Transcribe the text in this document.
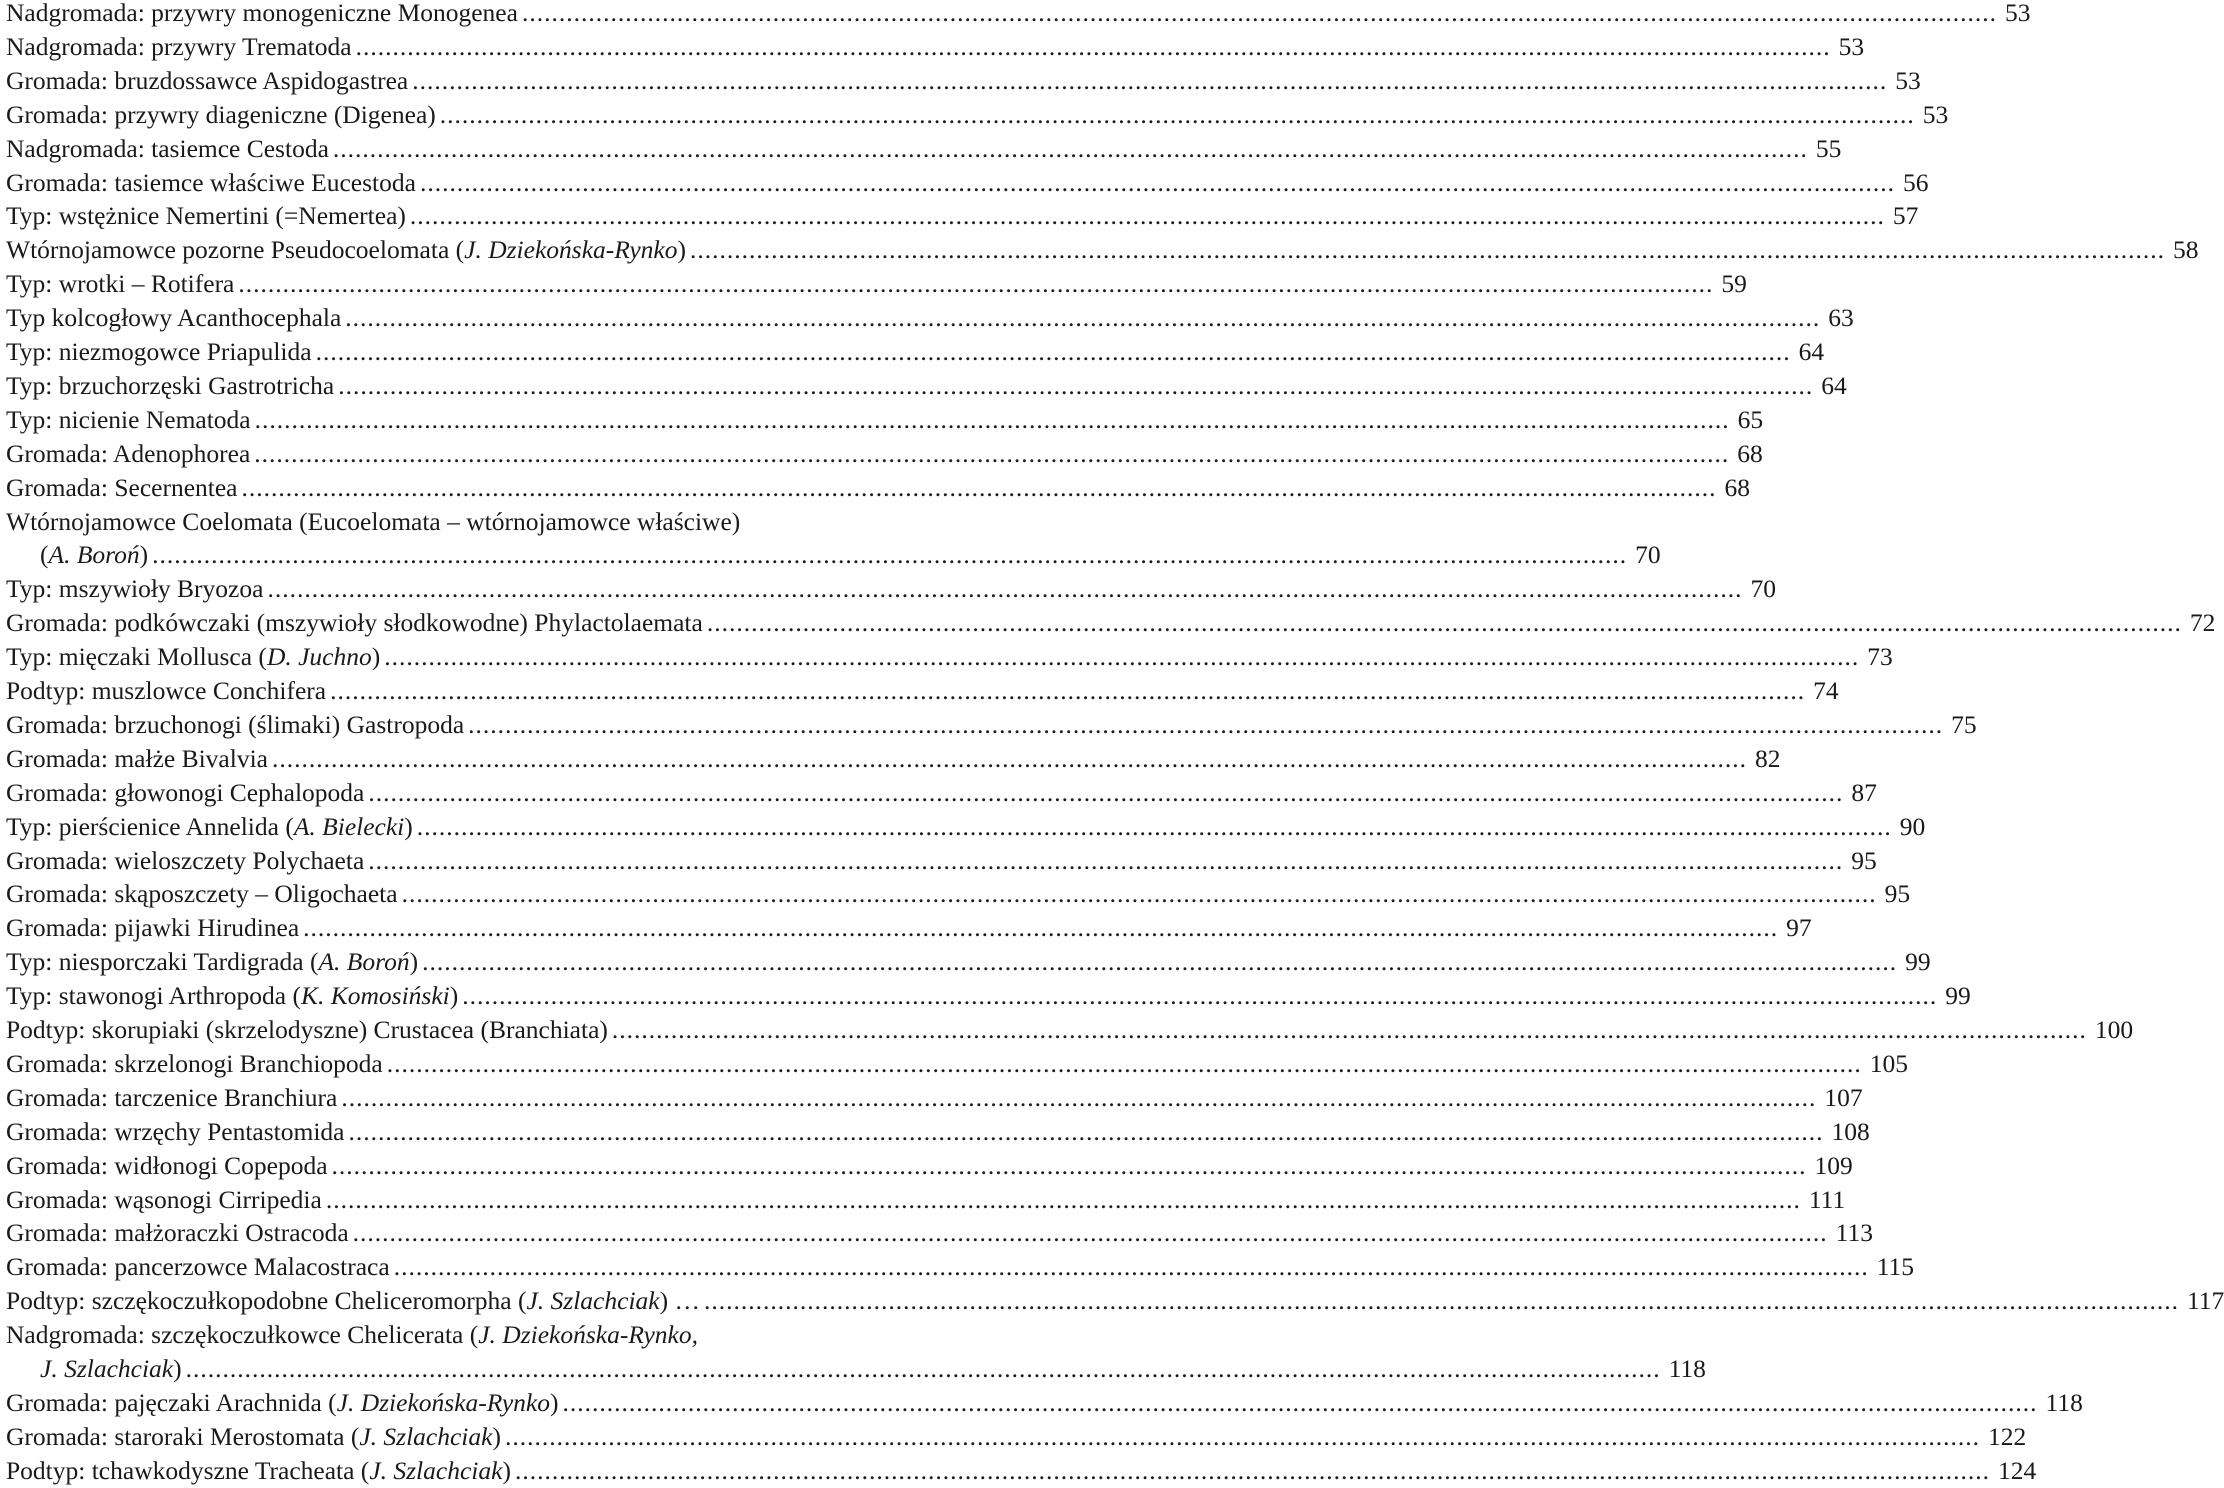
Nadgromada: przywry monogeniczne Monogenea ........................................................................................................................................................................................................ 53
Nadgromada: przywry Trematoda ........................................................................................................................................................................................................ 53
Gromada: bruzdossawce Aspidogastrea ........................................................................................................................................................................................................ 53
Gromada: przywry diageniczne (Digenea) ........................................................................................................................................................................................................ 53
Nadgromada: tasiemce Cestoda ........................................................................................................................................................................................................ 55
Gromada: tasiemce właściwe Eucestoda ........................................................................................................................................................................................................ 56
Typ: wstężnice Nemertini (=Nemertea) ........................................................................................................................................................................................................ 57
Wtórnojamowce pozorne Pseudocoelomata (J. Dziekońska-Rynko) ........................................................................................................................................................................................................ 58
Typ: wrotki – Rotifera ........................................................................................................................................................................................................ 59
Typ kolcogłowy Acanthocephala ........................................................................................................................................................................................................ 63
Typ: niezmogowce Priapulida ........................................................................................................................................................................................................ 64
Typ: brzuchorzęski Gastrotricha ........................................................................................................................................................................................................ 64
Typ: nicienie Nematoda ........................................................................................................................................................................................................ 65
Gromada: Adenophorea ........................................................................................................................................................................................................ 68
Gromada: Secernentea ........................................................................................................................................................................................................ 68
Wtórnojamowce Coelomata (Eucoelomata – wtórnojamowce właściwe)
(A. Boroń) ........................................................................................................................................................................................................ 70
Typ: mszywioły Bryozoa ........................................................................................................................................................................................................ 70
Gromada: podkówczaki (mszywioły słodkowodne) Phylactolaemata ........................................................................................................................................................................................................ 72
Typ: mięczaki Mollusca (D. Juchno) ........................................................................................................................................................................................................ 73
Podtyp: muszlowce Conchifera ........................................................................................................................................................................................................ 74
Gromada: brzuchonogi (ślimaki) Gastropoda ........................................................................................................................................................................................................ 75
Gromada: małże Bivalvia ........................................................................................................................................................................................................ 82
Gromada: głowonogi Cephalopoda ........................................................................................................................................................................................................ 87
Typ: pierścienice Annelida (A. Bielecki) ........................................................................................................................................................................................................ 90
Gromada: wieloszczety Polychaeta ........................................................................................................................................................................................................ 95
Gromada: skąposzczety – Oligochaeta ........................................................................................................................................................................................................ 95
Gromada: pijawki Hirudinea ........................................................................................................................................................................................................ 97
Typ: niesporczaki Tardigrada (A. Boroń) ........................................................................................................................................................................................................ 99
Typ: stawonogi Arthropoda (K. Komosiński) ........................................................................................................................................................................................................ 99
Podtyp: skorupiaki (skrzelodyszne) Crustacea (Branchiata) ........................................................................................................................................................................................................ 100
Gromada: skrzelonogi Branchiopoda ........................................................................................................................................................................................................ 105
Gromada: tarczenice Branchiura ........................................................................................................................................................................................................ 107
Gromada: wrzęchy Pentastomida ........................................................................................................................................................................................................ 108
Gromada: widłonogi Copepoda ........................................................................................................................................................................................................ 109
Gromada: wąsonogi Cirripedia ........................................................................................................................................................................................................ 111
Gromada: małżoraczki Ostracoda ........................................................................................................................................................................................................ 113
Gromada: pancerzowce Malacostraca ........................................................................................................................................................................................................ 115
Podtyp: szczękoczułkopodobne Cheliceromorpha (J. Szlachciak) … ........................................................................................................................................................................................................ 117
Nadgromada: szczękoczułkowce Chelicerata (J. Dziekońska-Rynko,
J. Szlachciak) ........................................................................................................................................................................................................ 118
Gromada: pajęczaki Arachnida (J. Dziekońska-Rynko) ........................................................................................................................................................................................................ 118
Gromada: staroraki Merostomata (J. Szlachciak) ........................................................................................................................................................................................................ 122
Podtyp: tchawkodyszne Tracheata (J. Szlachciak) ........................................................................................................................................................................................................ 124
